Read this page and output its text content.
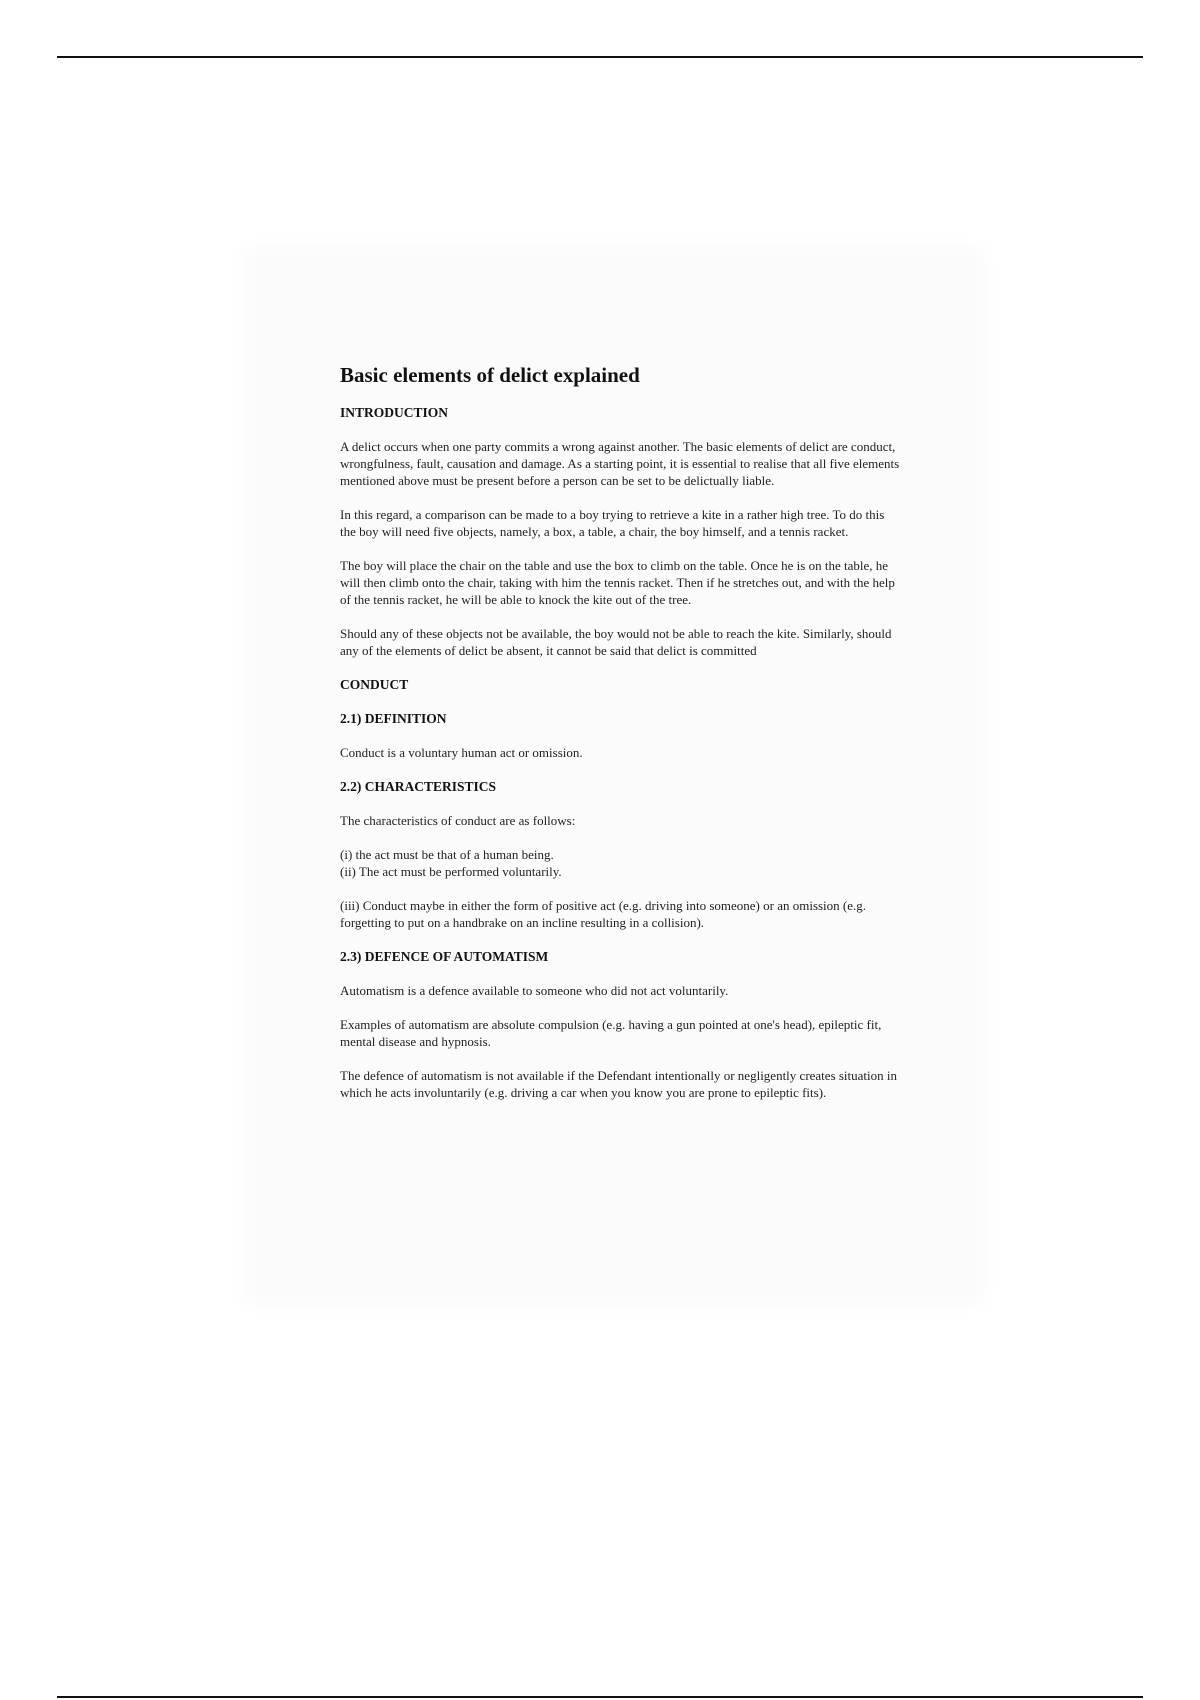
Basic elements of delict explained
INTRODUCTION

A delict occurs when one party commits a wrong against another. The basic elements of delict are conduct, wrongfulness, fault, causation and damage. As a starting point, it is essential to realise that all five elements mentioned above must be present before a person can be set to be delictually liable.

In this regard, a comparison can be made to a boy trying to retrieve a kite in a rather high tree. To do this the boy will need five objects, namely, a box, a table, a chair, the boy himself, and a tennis racket.

The boy will place the chair on the table and use the box to climb on the table. Once he is on the table, he will then climb onto the chair, taking with him the tennis racket. Then if he stretches out, and with the help of the tennis racket, he will be able to knock the kite out of the tree.

Should any of these objects not be available, the boy would not be able to reach the kite. Similarly, should any of the elements of delict be absent, it cannot be said that delict is committed

CONDUCT
2.1) DEFINITION

Conduct is a voluntary human act or omission.

2.2) CHARACTERISTICS

The characteristics of conduct are as follows:

(i) the act must be that of a human being.

(ii) The act must be performed voluntarily.

(iii) Conduct maybe in either the form of positive act (e.g. driving into someone) or an omission (e.g. forgetting to put on a handbrake on an incline resulting in a collision).

2.3) DEFENCE OF AUTOMATISM

Automatism is a defence available to someone who did not act voluntarily.

Examples of automatism are absolute compulsion (e.g. having a gun pointed at one's head), epileptic fit, mental disease and hypnosis.

The defence of automatism is not available if the Defendant intentionally or negligently creates situation in which he acts involuntarily (e.g. driving a car when you know you are prone to epileptic fits).
